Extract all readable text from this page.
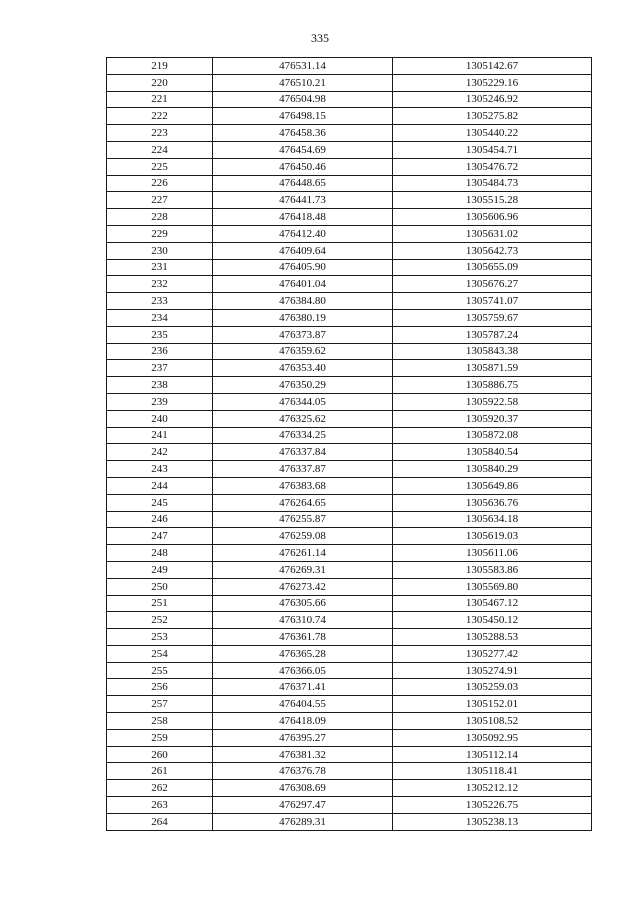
335
219	476531.14	1305142.67
220	476510.21	1305229.16
221	476504.98	1305246.92
222	476498.15	1305275.82
223	476458.36	1305440.22
224	476454.69	1305454.71
225	476450.46	1305476.72
226	476448.65	1305484.73
227	476441.73	1305515.28
228	476418.48	1305606.96
229	476412.40	1305631.02
230	476409.64	1305642.73
231	476405.90	1305655.09
232	476401.04	1305676.27
233	476384.80	1305741.07
234	476380.19	1305759.67
235	476373.87	1305787.24
236	476359.62	1305843.38
237	476353.40	1305871.59
238	476350.29	1305886.75
239	476344.05	1305922.58
240	476325.62	1305920.37
241	476334.25	1305872.08
242	476337.84	1305840.54
243	476337.87	1305840.29
244	476383.68	1305649.86
245	476264.65	1305636.76
246	476255.87	1305634.18
247	476259.08	1305619.03
248	476261.14	1305611.06
249	476269.31	1305583.86
250	476273.42	1305569.80
251	476305.66	1305467.12
252	476310.74	1305450.12
253	476361.78	1305288.53
254	476365.28	1305277.42
255	476366.05	1305274.91
256	476371.41	1305259.03
257	476404.55	1305152.01
258	476418.09	1305108.52
259	476395.27	1305092.95
260	476381.32	1305112.14
261	476376.78	1305118.41
262	476308.69	1305212.12
263	476297.47	1305226.75
264	476289.31	1305238.13
